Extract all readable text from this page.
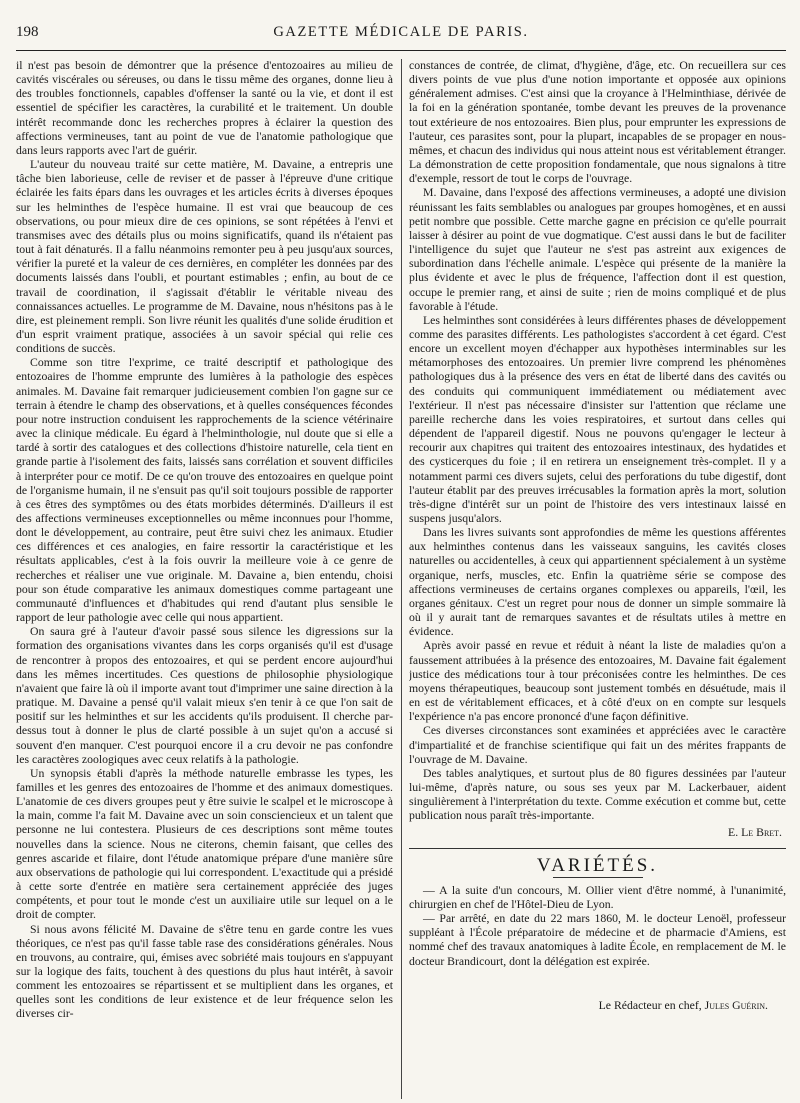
198	GAZETTE MÉDICALE DE PARIS.

il n'est pas besoin de démontrer que la présence d'entozoaires au milieu de cavités viscérales ou séreuses, ou dans le tissu même des organes, donne lieu à des troubles fonctionnels, capables d'offenser la santé ou la vie, et dont il est essentiel de spécifier les caractères, la curabilité et le traitement. Un double intérêt recommande donc les recherches propres à éclairer la question des affections vermineuses, tant au point de vue de l'anatomie pathologique que dans leurs rapports avec l'art de guérir.

L'auteur du nouveau traité sur cette matière, M. Davaine, a entrepris une tâche bien laborieuse, celle de reviser et de passer à l'épreuve d'une critique éclairée les faits épars dans les ouvrages et les articles écrits à diverses époques sur les helminthes de l'espèce humaine. Il est vrai que beaucoup de ces observations, ou pour mieux dire de ces opinions, se sont répétées à l'envi et transmises avec des détails plus ou moins significatifs, quand ils n'étaient pas tout à fait dénaturés. Il a fallu néanmoins remonter peu à peu jusqu'aux sources, vérifier la pureté et la valeur de ces dernières, en compléter les données par des documents laissés dans l'oubli, et pourtant estimables ; enfin, au bout de ce travail de coordination, il s'agissait d'établir le véritable niveau des connaissances actuelles. Le programme de M. Davaine, nous n'hésitons pas à le dire, est pleinement rempli. Son livre réunit les qualités d'une solide érudition et d'un esprit vraiment pratique, associées à un savoir spécial qui relie ces conditions de succès.

Comme son titre l'exprime, ce traité descriptif et pathologique des entozoaires de l'homme emprunte des lumières à la pathologie des espèces animales. M. Davaine fait remarquer judicieusement combien l'on gagne sur ce terrain à étendre le champ des observations, et à quelles conséquences fécondes pour notre instruction conduisent les rapprochements de la science vétérinaire avec la clinique médicale. Eu égard à l'helminthologie, nul doute que si elle a tardé à sortir des catalogues et des collections d'histoire naturelle, cela tient en grande partie à l'isolement des faits, laissés sans corrélation et souvent difficiles à interpréter pour ce motif. De ce qu'on trouve des entozoaires en quelque point de l'organisme humain, il ne s'ensuit pas qu'il soit toujours possible de rapporter à ces êtres des symptômes ou des états morbides déterminés. D'ailleurs il est des affections vermineuses exceptionnelles ou même inconnues pour l'homme, dont le développement, au contraire, peut être suivi chez les animaux. Etudier ces différences et ces analogies, en faire ressortir la caractéristique et les résultats applicables, c'est à la fois ouvrir la meilleure voie à ce genre de recherches et réaliser une vue originale. M. Davaine a, bien entendu, choisi pour son étude comparative les animaux domestiques comme partageant une communauté d'influences et d'habitudes qui rend d'autant plus sensible le rapport de leur pathologie avec celle qui nous appartient.

On saura gré à l'auteur d'avoir passé sous silence les digressions sur la formation des organisations vivantes dans les corps organisés qu'il est d'usage de rencontrer à propos des entozoaires, et qui se perdent encore aujourd'hui dans les mêmes incertitudes. Ces questions de philosophie physiologique n'avaient que faire là où il importe avant tout d'imprimer une saine direction à la pratique. M. Davaine a pensé qu'il valait mieux s'en tenir à ce que l'on sait de positif sur les helminthes et sur les accidents qu'ils produisent. Il cherche par-dessus tout à donner le plus de clarté possible à un sujet qu'on a accusé si souvent d'en manquer. C'est pourquoi encore il a cru devoir ne pas confondre les caractères zoologiques avec ceux relatifs à la pathologie.

Un synopsis établi d'après la méthode naturelle embrasse les types, les familles et les genres des entozoaires de l'homme et des animaux domestiques. L'anatomie de ces divers groupes peut y être suivie le scalpel et le microscope à la main, comme l'a fait M. Davaine avec un soin consciencieux et un talent que personne ne lui contestera. Plusieurs de ces descriptions sont même toutes nouvelles dans la science. Nous ne citerons, chemin faisant, que celles des genres ascaride et filaire, dont l'étude anatomique prépare d'une manière sûre aux observations de pathologie qui lui correspondent. L'exactitude qui a présidé à cette sorte d'entrée en matière sera certainement appréciée des juges compétents, et pour tout le monde c'est un auxiliaire utile sur lequel on a le droit de compter.

Si nous avons félicité M. Davaine de s'être tenu en garde contre les vues théoriques, ce n'est pas qu'il fasse table rase des considérations générales. Nous en trouvons, au contraire, qui, émises avec sobriété mais toujours en s'appuyant sur la logique des faits, touchent à des questions du plus haut intérêt, à savoir comment les entozoaires se répartissent et se multiplient dans les organes, et quelles sont les conditions de leur existence et de leur fréquence selon les diverses cir-

constances de contrée, de climat, d'hygiène, d'âge, etc. On recueillera sur ces divers points de vue plus d'une notion importante et opposée aux opinions généralement admises. C'est ainsi que la croyance à l'Helminthiase, dérivée de la foi en la génération spontanée, tombe devant les preuves de la provenance tout extérieure de nos entozoaires. Bien plus, pour emprunter les expressions de l'auteur, ces parasites sont, pour la plupart, incapables de se propager en nous-mêmes, et chacun des individus qui nous atteint nous est véritablement étranger. La démonstration de cette proposition fondamentale, que nous signalons à titre d'exemple, ressort de tout le corps de l'ouvrage.

M. Davaine, dans l'exposé des affections vermineuses, a adopté une division réunissant les faits semblables ou analogues par groupes homogènes, et en aussi petit nombre que possible. Cette marche gagne en précision ce qu'elle pourrait laisser à désirer au point de vue dogmatique. C'est aussi dans le but de faciliter l'intelligence du sujet que l'auteur ne s'est pas astreint aux exigences de subordination dans l'échelle animale. L'espèce qui présente de la manière la plus évidente et avec le plus de fréquence, l'affection dont il est question, occupe le premier rang, et ainsi de suite ; rien de moins compliqué et de plus favorable à l'étude.

Les helminthes sont considérées à leurs différentes phases de développement comme des parasites différents. Les pathologistes s'accordent à cet égard. C'est encore un excellent moyen d'échapper aux hypothèses interminables sur les métamorphoses des entozoaires. Un premier livre comprend les phénomènes pathologiques dus à la présence des vers en état de liberté dans des cavités ou des conduits qui communiquent immédiatement ou médiatement avec l'extérieur. Il n'est pas nécessaire d'insister sur l'attention que réclame une pareille recherche dans les voies respiratoires, et surtout dans celles qui dépendent de l'appareil digestif. Nous ne pouvons qu'engager le lecteur à recourir aux chapitres qui traitent des entozoaires intestinaux, des hydatides et des cysticerques du foie ; il en retirera un enseignement très-complet. Il y a notamment parmi ces divers sujets, celui des perforations du tube digestif, dont l'auteur établit par des preuves irrécusables la formation après la mort, solution très-digne d'intérêt sur un point de l'histoire des vers intestinaux laissé en suspens jusqu'alors.

Dans les livres suivants sont approfondies de même les questions afférentes aux helminthes contenus dans les vaisseaux sanguins, les cavités closes naturelles ou accidentelles, à ceux qui appartiennent spécialement à un système organique, nerfs, muscles, etc. Enfin la quatrième série se compose des affections vermineuses de certains organes complexes ou appareils, l'œil, les organes génitaux. C'est un regret pour nous de donner un simple sommaire là où il y aurait tant de remarques savantes et de résultats utiles à mettre en évidence.

Après avoir passé en revue et réduit à néant la liste de maladies qu'on a faussement attribuées à la présence des entozoaires, M. Davaine fait également justice des médications tour à tour préconisées contre les helminthes. De ces moyens thérapeutiques, beaucoup sont justement tombés en désuétude, mais il en est de véritablement efficaces, et à côté d'eux on en compte sur lesquels l'expérience n'a pas encore prononcé d'une façon définitive.

Ces diverses circonstances sont examinées et appréciées avec le caractère d'impartialité et de franchise scientifique qui fait un des mérites frappants de l'ouvrage de M. Davaine.

Des tables analytiques, et surtout plus de 80 figures dessinées par l'auteur lui-même, d'après nature, ou sous ses yeux par M. Lackerbauer, aident singulièrement à l'interprétation du texte. Comme exécution et comme but, cette publication nous paraît très-importante.

E. Le Bret.
VARIÉTÉS.

— A la suite d'un concours, M. Ollier vient d'être nommé, à l'unanimité, chirurgien en chef de l'Hôtel-Dieu de Lyon.

— Par arrêté, en date du 22 mars 1860, M. le docteur Lenoël, professeur suppléant à l'École préparatoire de médecine et de pharmacie d'Amiens, est nommé chef des travaux anatomiques à ladite École, en remplacement de M. le docteur Brandicourt, dont la délégation est expirée.

Le Rédacteur en chef, Jules Guérin.
